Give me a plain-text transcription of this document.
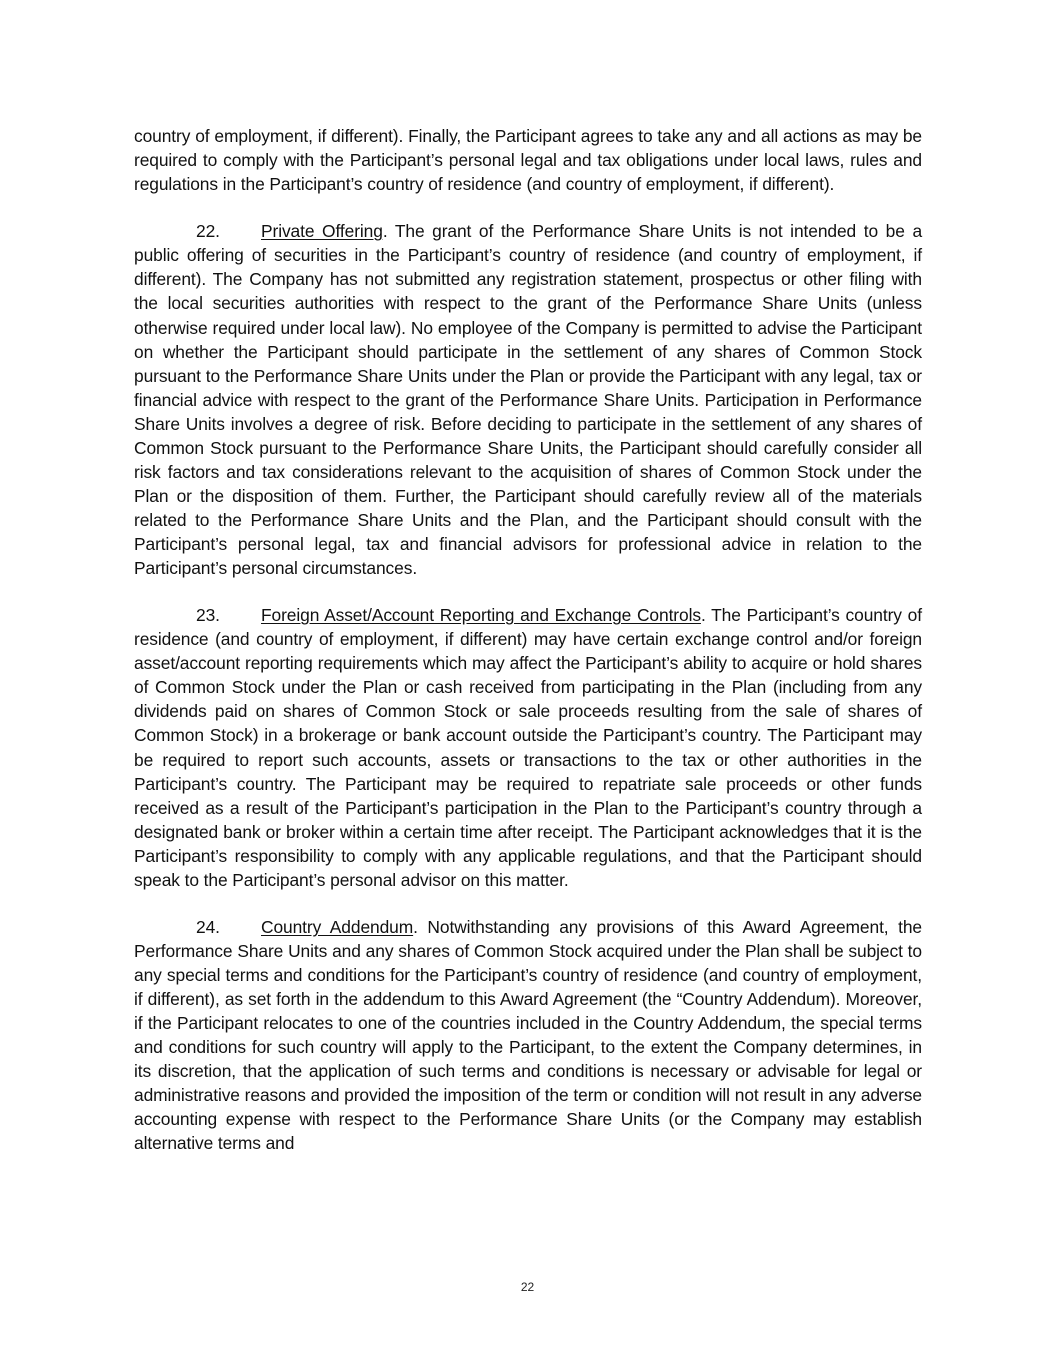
country of employment, if different). Finally, the Participant agrees to take any and all actions as may be required to comply with the Participant’s personal legal and tax obligations under local laws, rules and regulations in the Participant’s country of residence (and country of employment, if different).

22. Private Offering. The grant of the Performance Share Units is not intended to be a public offering of securities in the Participant’s country of residence (and country of employment, if different). The Company has not submitted any registration statement, prospectus or other filing with the local securities authorities with respect to the grant of the Performance Share Units (unless otherwise required under local law). No employee of the Company is permitted to advise the Participant on whether the Participant should participate in the settlement of any shares of Common Stock pursuant to the Performance Share Units under the Plan or provide the Participant with any legal, tax or financial advice with respect to the grant of the Performance Share Units. Participation in Performance Share Units involves a degree of risk. Before deciding to participate in the settlement of any shares of Common Stock pursuant to the Performance Share Units, the Participant should carefully consider all risk factors and tax considerations relevant to the acquisition of shares of Common Stock under the Plan or the disposition of them. Further, the Participant should carefully review all of the materials related to the Performance Share Units and the Plan, and the Participant should consult with the Participant’s personal legal, tax and financial advisors for professional advice in relation to the Participant’s personal circumstances.

23. Foreign Asset/Account Reporting and Exchange Controls. The Participant’s country of residence (and country of employment, if different) may have certain exchange control and/or foreign asset/account reporting requirements which may affect the Participant’s ability to acquire or hold shares of Common Stock under the Plan or cash received from participating in the Plan (including from any dividends paid on shares of Common Stock or sale proceeds resulting from the sale of shares of Common Stock) in a brokerage or bank account outside the Participant’s country. The Participant may be required to report such accounts, assets or transactions to the tax or other authorities in the Participant’s country. The Participant may be required to repatriate sale proceeds or other funds received as a result of the Participant’s participation in the Plan to the Participant’s country through a designated bank or broker within a certain time after receipt. The Participant acknowledges that it is the Participant’s responsibility to comply with any applicable regulations, and that the Participant should speak to the Participant’s personal advisor on this matter.

24. Country Addendum. Notwithstanding any provisions of this Award Agreement, the Performance Share Units and any shares of Common Stock acquired under the Plan shall be subject to any special terms and conditions for the Participant’s country of residence (and country of employment, if different), as set forth in the addendum to this Award Agreement (the “Country Addendum). Moreover, if the Participant relocates to one of the countries included in the Country Addendum, the special terms and conditions for such country will apply to the Participant, to the extent the Company determines, in its discretion, that the application of such terms and conditions is necessary or advisable for legal or administrative reasons and provided the imposition of the term or condition will not result in any adverse accounting expense with respect to the Performance Share Units (or the Company may establish alternative terms and

22
